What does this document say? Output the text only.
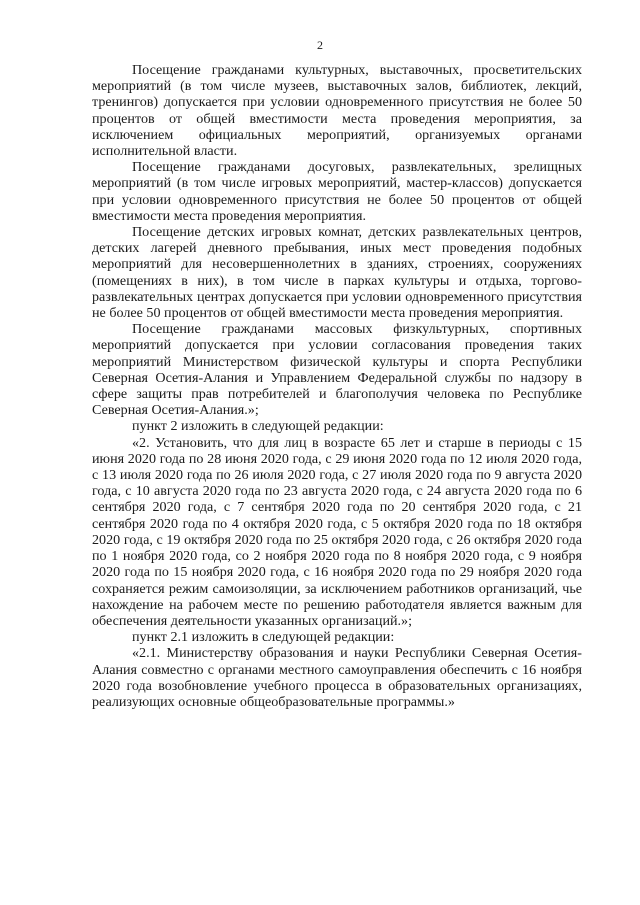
2

Посещение гражданами культурных, выставочных, просветительских мероприятий (в том числе музеев, выставочных залов, библиотек, лекций, тренингов) допускается при условии одновременного присутствия не более 50 процентов от общей вместимости места проведения мероприятия, за исключением официальных мероприятий, организуемых органами исполнительной власти.

Посещение гражданами досуговых, развлекательных, зрелищных мероприятий (в том числе игровых мероприятий, мастер-классов) допускается при условии одновременного присутствия не более 50 процентов от общей вместимости места проведения мероприятия.

Посещение детских игровых комнат, детских развлекательных центров, детских лагерей дневного пребывания, иных мест проведения подобных мероприятий для несовершеннолетних в зданиях, строениях, сооружениях (помещениях в них), в том числе в парках культуры и отдыха, торгово-развлекательных центрах допускается при условии одновременного присутствия не более 50 процентов от общей вместимости места проведения мероприятия.

Посещение гражданами массовых физкультурных, спортивных мероприятий допускается при условии согласования проведения таких мероприятий Министерством физической культуры и спорта Республики Северная Осетия-Алания и Управлением Федеральной службы по надзору в сфере защиты прав потребителей и благополучия человека по Республике Северная Осетия-Алания.»;

пункт 2 изложить в следующей редакции:

«2. Установить, что для лиц в возрасте 65 лет и старше в периоды с 15 июня 2020 года по 28 июня 2020 года, с 29 июня 2020 года по 12 июля 2020 года, с 13 июля 2020 года по 26 июля 2020 года, с 27 июля 2020 года по 9 августа 2020 года, с 10 августа 2020 года по 23 августа 2020 года, с 24 августа 2020 года по 6 сентября 2020 года, с 7 сентября 2020 года по 20 сентября 2020 года, с 21 сентября 2020 года по 4 октября 2020 года, с 5 октября 2020 года по 18 октября 2020 года, с 19 октября 2020 года по 25 октября 2020 года, с 26 октября 2020 года по 1 ноября 2020 года, со 2 ноября 2020 года по 8 ноября 2020 года, с 9 ноября 2020 года по 15 ноября 2020 года, с 16 ноября 2020 года по 29 ноября 2020 года сохраняется режим самоизоляции, за исключением работников организаций, чье нахождение на рабочем месте по решению работодателя является важным для обеспечения деятельности указанных организаций.»;

пункт 2.1 изложить в следующей редакции:

«2.1. Министерству образования и науки Республики Северная Осетия-Алания совместно с органами местного самоуправления обеспечить с 16 ноября 2020 года возобновление учебного процесса в образовательных организациях, реализующих основные общеобразовательные программы.»
